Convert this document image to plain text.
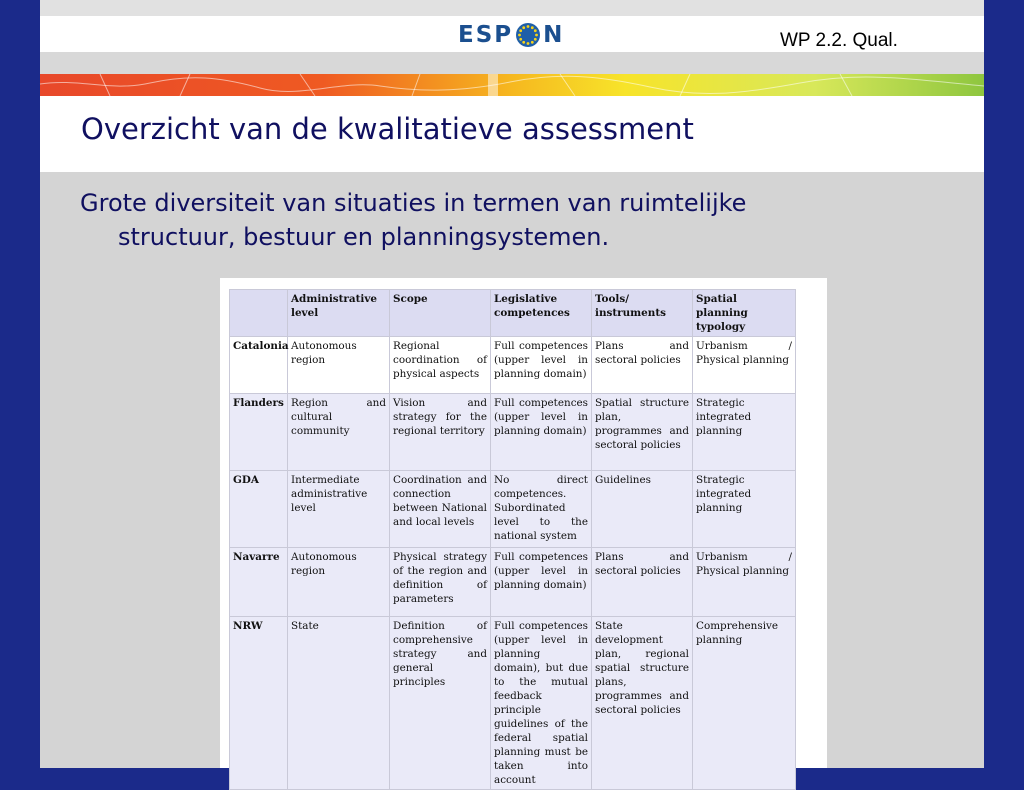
ESP N	WP 2.2. Qual.
Overzicht van de kwalitatieve assessment
Grote diversiteit van situaties in termen van ruimtelijke
structuur, bestuur en planningsystemen.
	Administrative level	Scope	Legislative competences	Tools/ instruments	Spatial planning typology
Catalonia	Autonomous region	Regional coordination of physical aspects	Full competences (upper level in planning domain)	Plans and sectoral policies	Urbanism / Physical planning
Flanders	Region and cultural community	Vision and strategy for the regional territory	Full competences (upper level in planning domain)	Spatial structure plan, programmes and sectoral policies	Strategic integrated planning
GDA	Intermediate administrative level	Coordination and connection between National and local levels	No direct competences. Subordinated level to the national system	Guidelines	Strategic integrated planning
Navarre	Autonomous region	Physical strategy of the region and definition of parameters	Full competences (upper level in planning domain)	Plans and sectoral policies	Urbanism / Physical planning
NRW	State	Definition of comprehensive strategy and general principles	Full competences (upper level in planning domain), but due to the mutual feedback principle guidelines of the federal spatial planning must be taken into account	State development plan, regional spatial structure plans, programmes and sectoral policies	Comprehensive planning
